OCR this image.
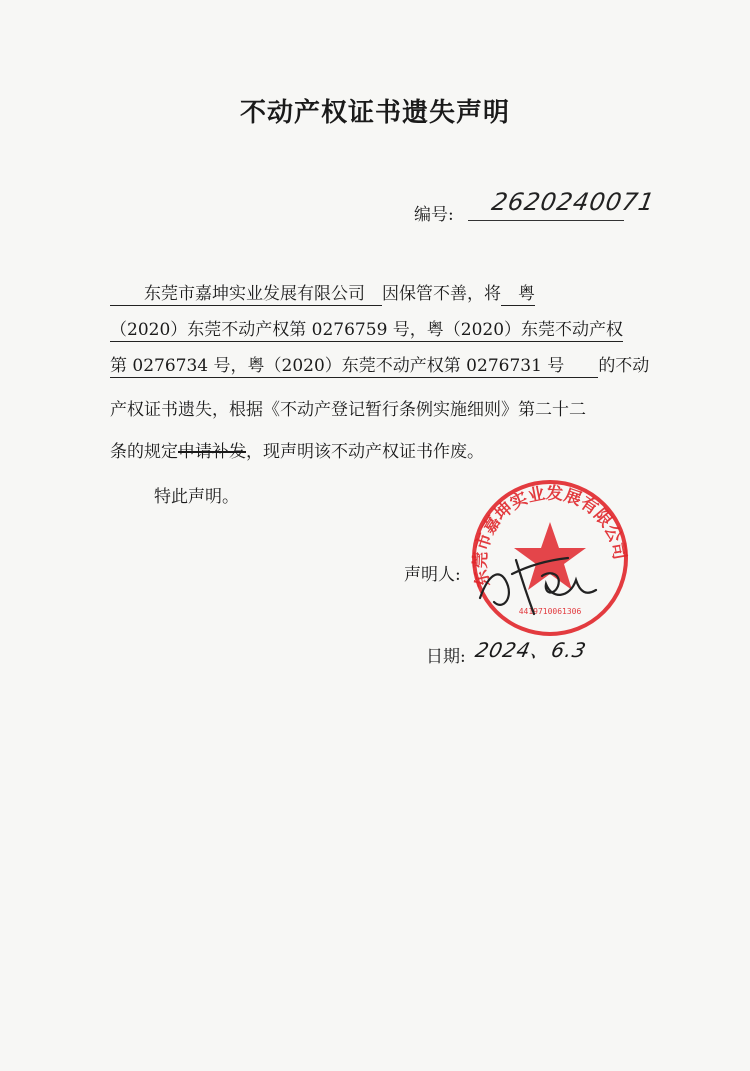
不动产权证书遗失声明
编号: 2620240071
　　东莞市嘉坤实业发展有限公司　 因保管不善，将　 粤
（2020）东莞不动产权第 0276759 号，粤（2020）东莞不动产权
第 0276734 号，粤（2020）东莞不动产权第 0276731 号　　 的不动
产权证书遗失，根据《不动产登记暂行条例实施细则》第二十二
条的规定申请补发，现声明该不动产权证书作废。
特此声明。
东莞市嘉坤实业发展有限公司
4419710061306
声明人:
日期: 2024、6.3
